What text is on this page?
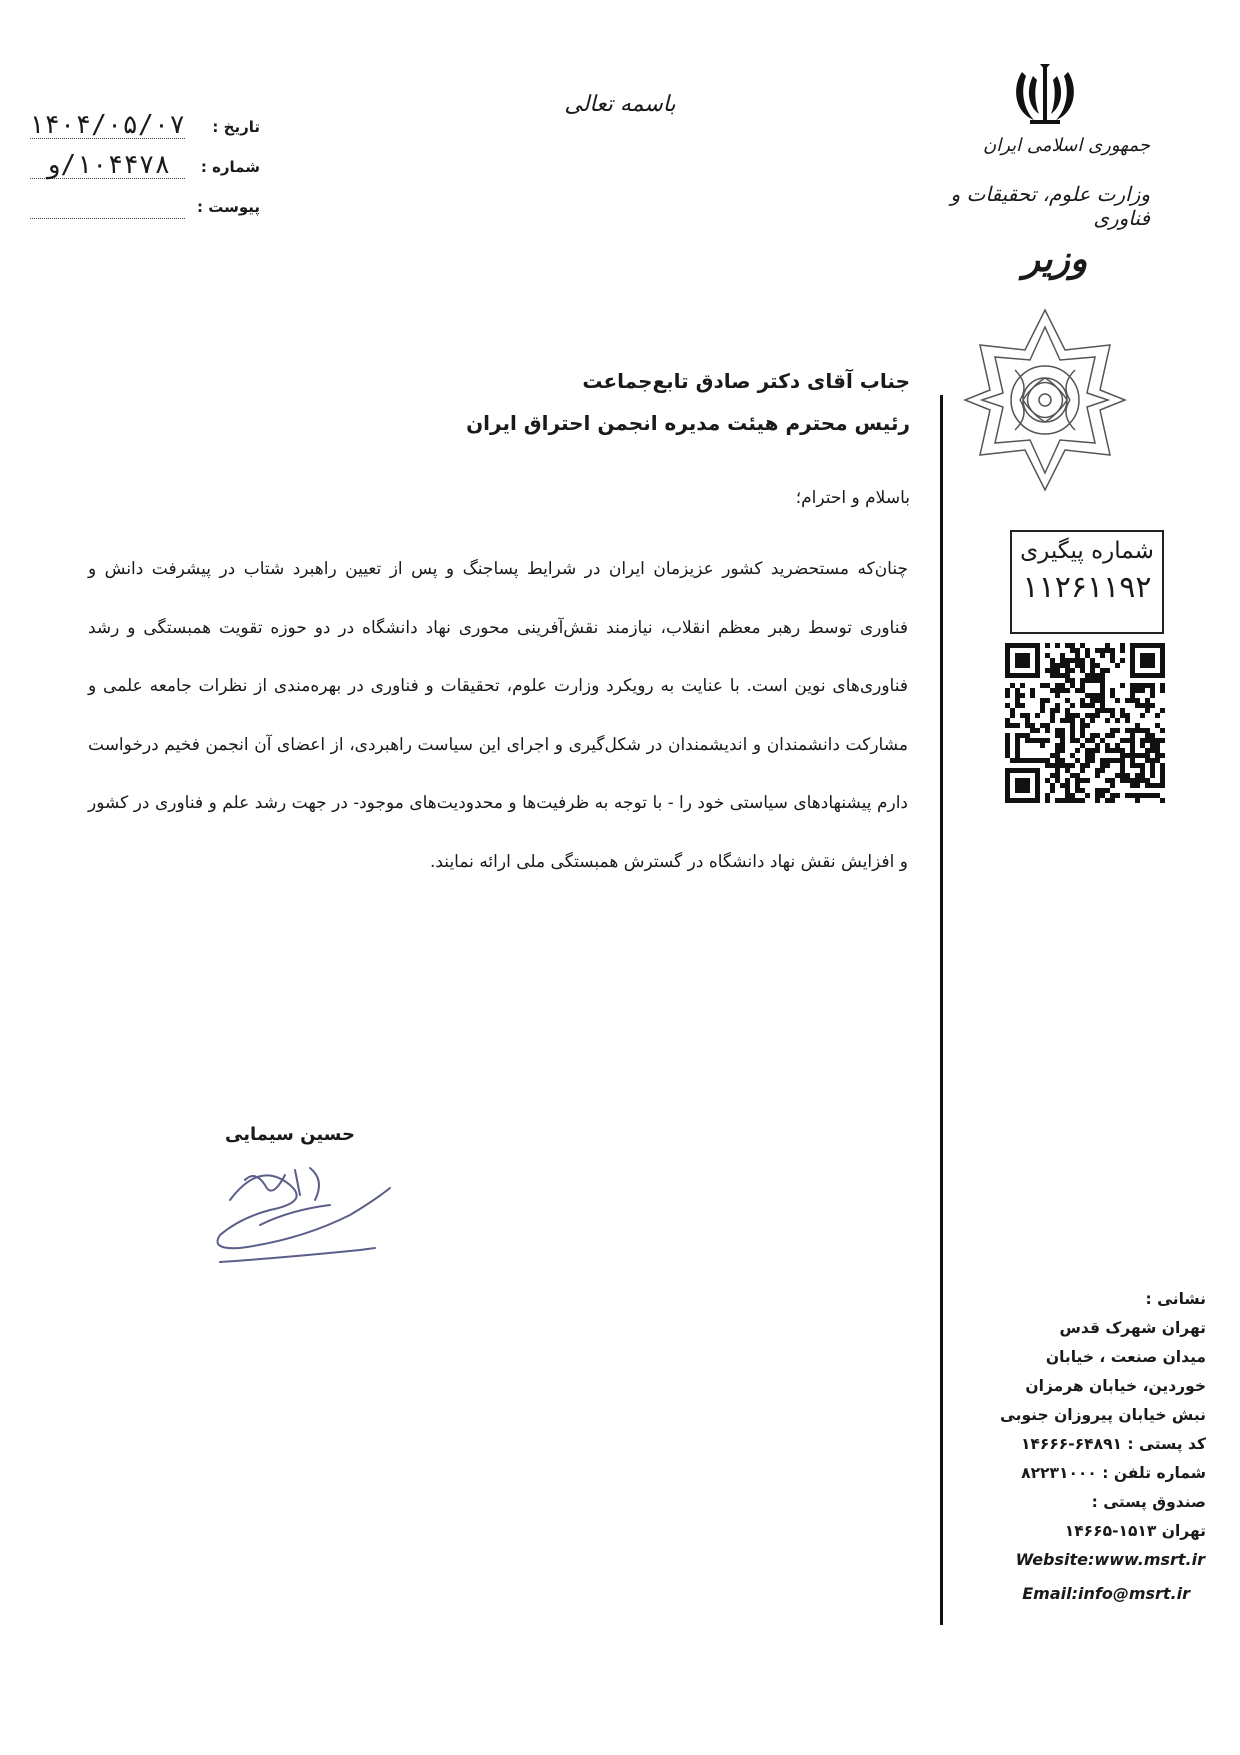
باسمه تعالی
تاریخ :
۱۴۰۴/۰۵/۰۷
شماره :
۱۰۴۴۷۸/و
پیوست :
جمهوری اسلامی ایران
وزارت علوم، تحقیقات و فناوری
وزیر
شماره پیگیری
۱۱۲۶۱۱۹۲
جناب آقای دکتر صادق تابع‌جماعت
رئیس محترم هیئت مدیره انجمن احتراق ایران
باسلام و احترام؛
چنان‌که مستحضرید کشور عزیزمان ایران در شرایط پساجنگ و پس از تعیین راهبرد شتاب در پیشرفت دانش و فناوری توسط رهبر معظم انقلاب، نیازمند نقش‌آفرینی محوری نهاد دانشگاه در دو حوزه تقویت همبستگی و رشد فناوری‌های نوین است. با عنایت به رویکرد وزارت علوم، تحقیقات و فناوری در بهره‌مندی از نظرات جامعه علمی و مشارکت دانشمندان و اندیشمندان در شکل‌گیری و اجرای این سیاست راهبردی، از اعضای آن انجمن فخیم درخواست دارم پیشنهادهای سیاستی خود را - با توجه به ظرفیت‌ها و محدودیت‌های موجود- در جهت رشد علم و فناوری در کشور و افزایش نقش نهاد دانشگاه در گسترش همبستگی ملی ارائه نمایند.
حسین سیمایی
نشانی :
تهران شهرک قدس
میدان صنعت ، خیابان
خوردین، خیابان هرمزان
نبش خیابان پیروزان جنوبی
کد پستی : ۶۴۸۹۱-۱۴۶۶۶
شماره تلفن : ۸۲۲۳۱۰۰۰
صندوق پستی :
تهران ۱۵۱۳-۱۴۶۶۵
Website:www.msrt.ir
Email:info@msrt.ir
